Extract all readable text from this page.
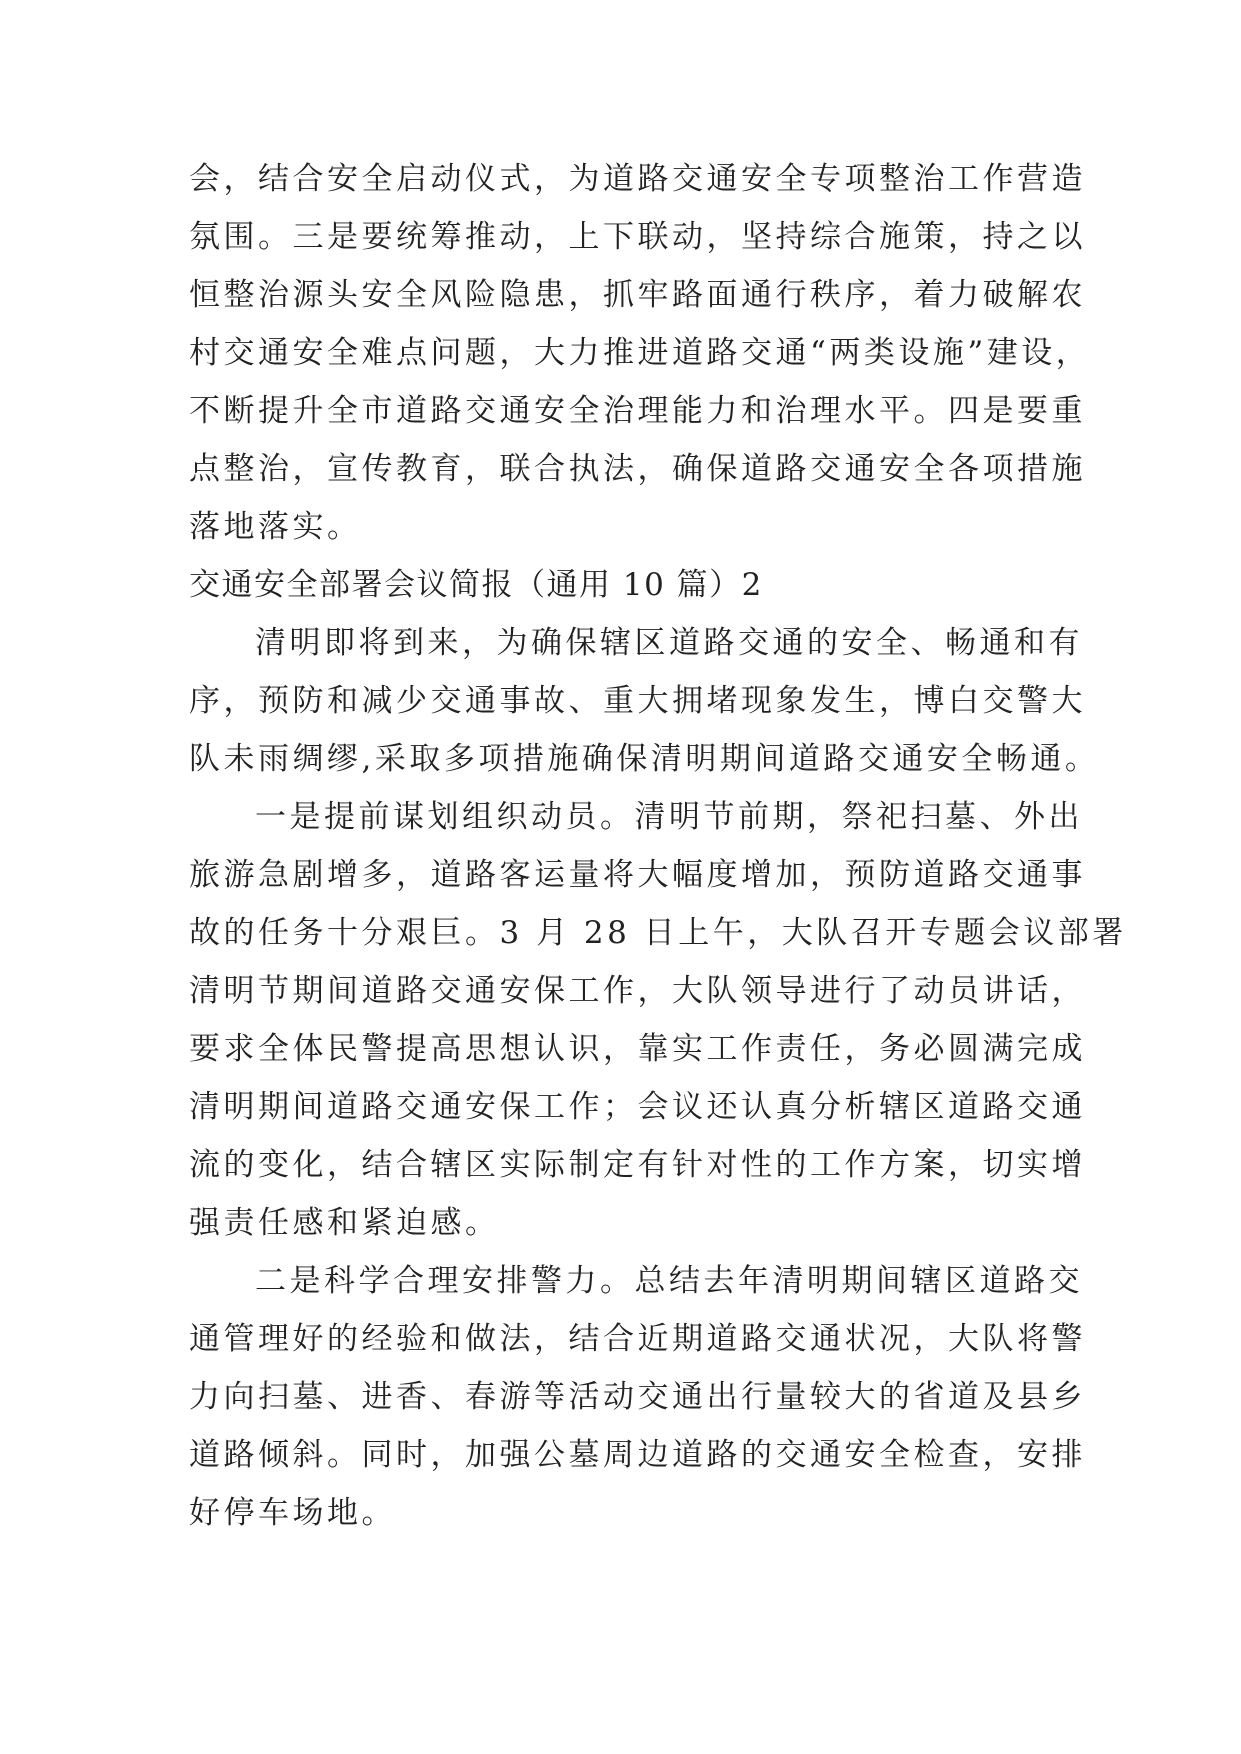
会，结合安全启动仪式，为道路交通安全专项整治工作营造
氛围。三是要统筹推动，上下联动，坚持综合施策，持之以
恒整治源头安全风险隐患，抓牢路面通行秩序，着力破解农
村交通安全难点问题，大力推进道路交通“两类设施”建设，
不断提升全市道路交通安全治理能力和治理水平。四是要重
点整治，宣传教育，联合执法，确保道路交通安全各项措施
落地落实。
交通安全部署会议简报（通用 10 篇）2
清明即将到来，为确保辖区道路交通的安全、畅通和有
序，预防和减少交通事故、重大拥堵现象发生，博白交警大
队未雨绸缪,采取多项措施确保清明期间道路交通安全畅通。
一是提前谋划组织动员。清明节前期，祭祀扫墓、外出
旅游急剧增多，道路客运量将大幅度增加，预防道路交通事
故的任务十分艰巨。3 月 28 日上午，大队召开专题会议部署
清明节期间道路交通安保工作，大队领导进行了动员讲话，
要求全体民警提高思想认识，靠实工作责任，务必圆满完成
清明期间道路交通安保工作；会议还认真分析辖区道路交通
流的变化，结合辖区实际制定有针对性的工作方案，切实增
强责任感和紧迫感。
二是科学合理安排警力。总结去年清明期间辖区道路交
通管理好的经验和做法，结合近期道路交通状况，大队将警
力向扫墓、进香、春游等活动交通出行量较大的省道及县乡
道路倾斜。同时，加强公墓周边道路的交通安全检查，安排
好停车场地。
